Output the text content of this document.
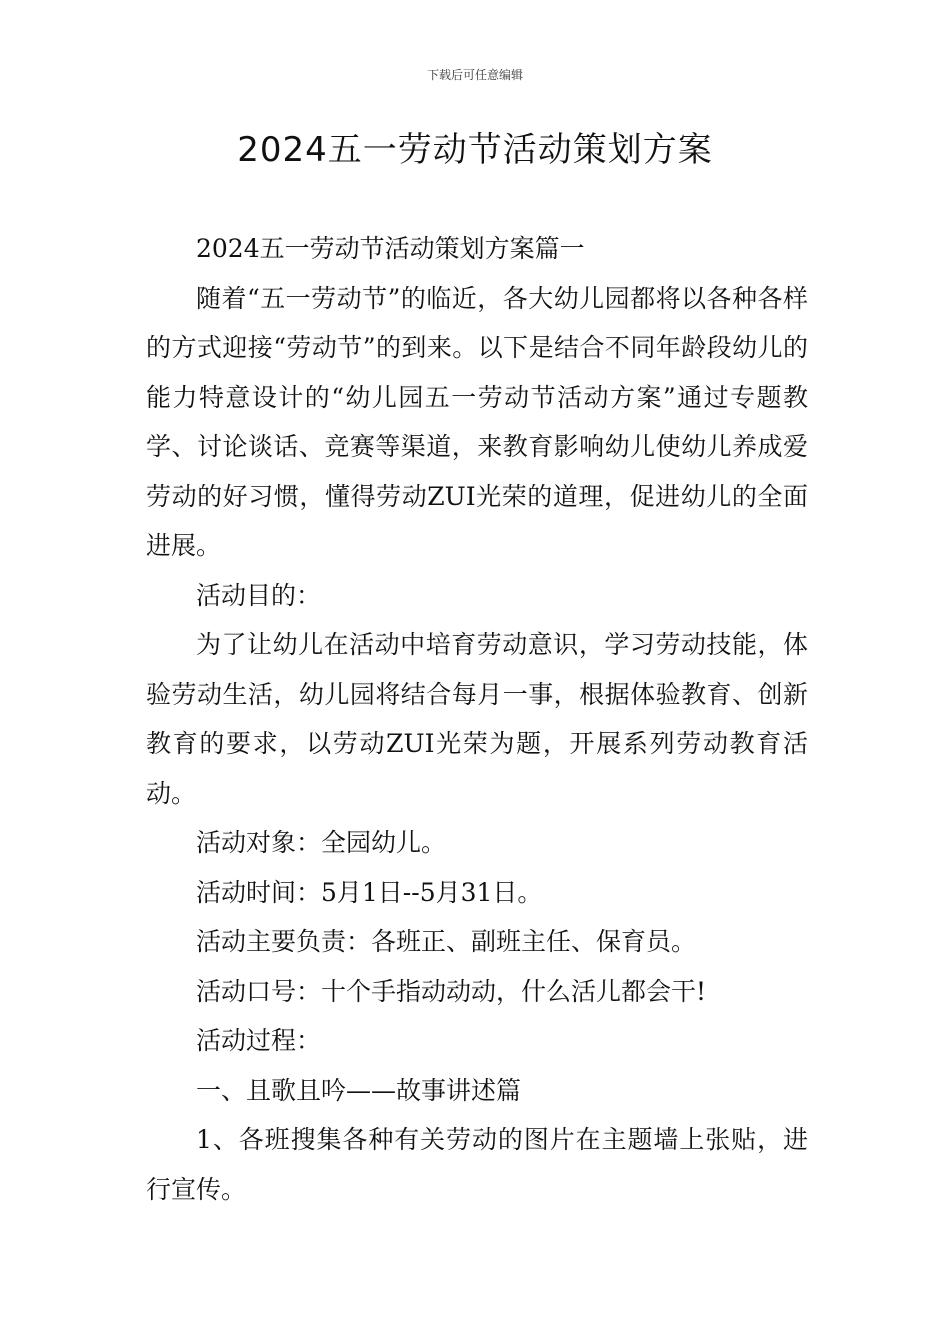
下载后可任意编辑
2024五一劳动节活动策划方案

2024五一劳动节活动策划方案篇一

随着“五一劳动节”的临近，各大幼儿园都将以各种各样的方式迎接“劳动节”的到来。以下是结合不同年龄段幼儿的能力特意设计的“幼儿园五一劳动节活动方案”通过专题教学、讨论谈话、竞赛等渠道，来教育影响幼儿使幼儿养成爱劳动的好习惯，懂得劳动ZUI光荣的道理，促进幼儿的全面进展。

活动目的：

为了让幼儿在活动中培育劳动意识，学习劳动技能，体验劳动生活，幼儿园将结合每月一事，根据体验教育、创新教育的要求，以劳动ZUI光荣为题，开展系列劳动教育活动。

活动对象：全园幼儿。

活动时间：5月1日--5月31日。

活动主要负责：各班正、副班主任、保育员。

活动口号：十个手指动动动，什么活儿都会干!

活动过程：

一、且歌且吟——故事讲述篇

1、各班搜集各种有关劳动的图片在主题墙上张贴，进行宣传。
